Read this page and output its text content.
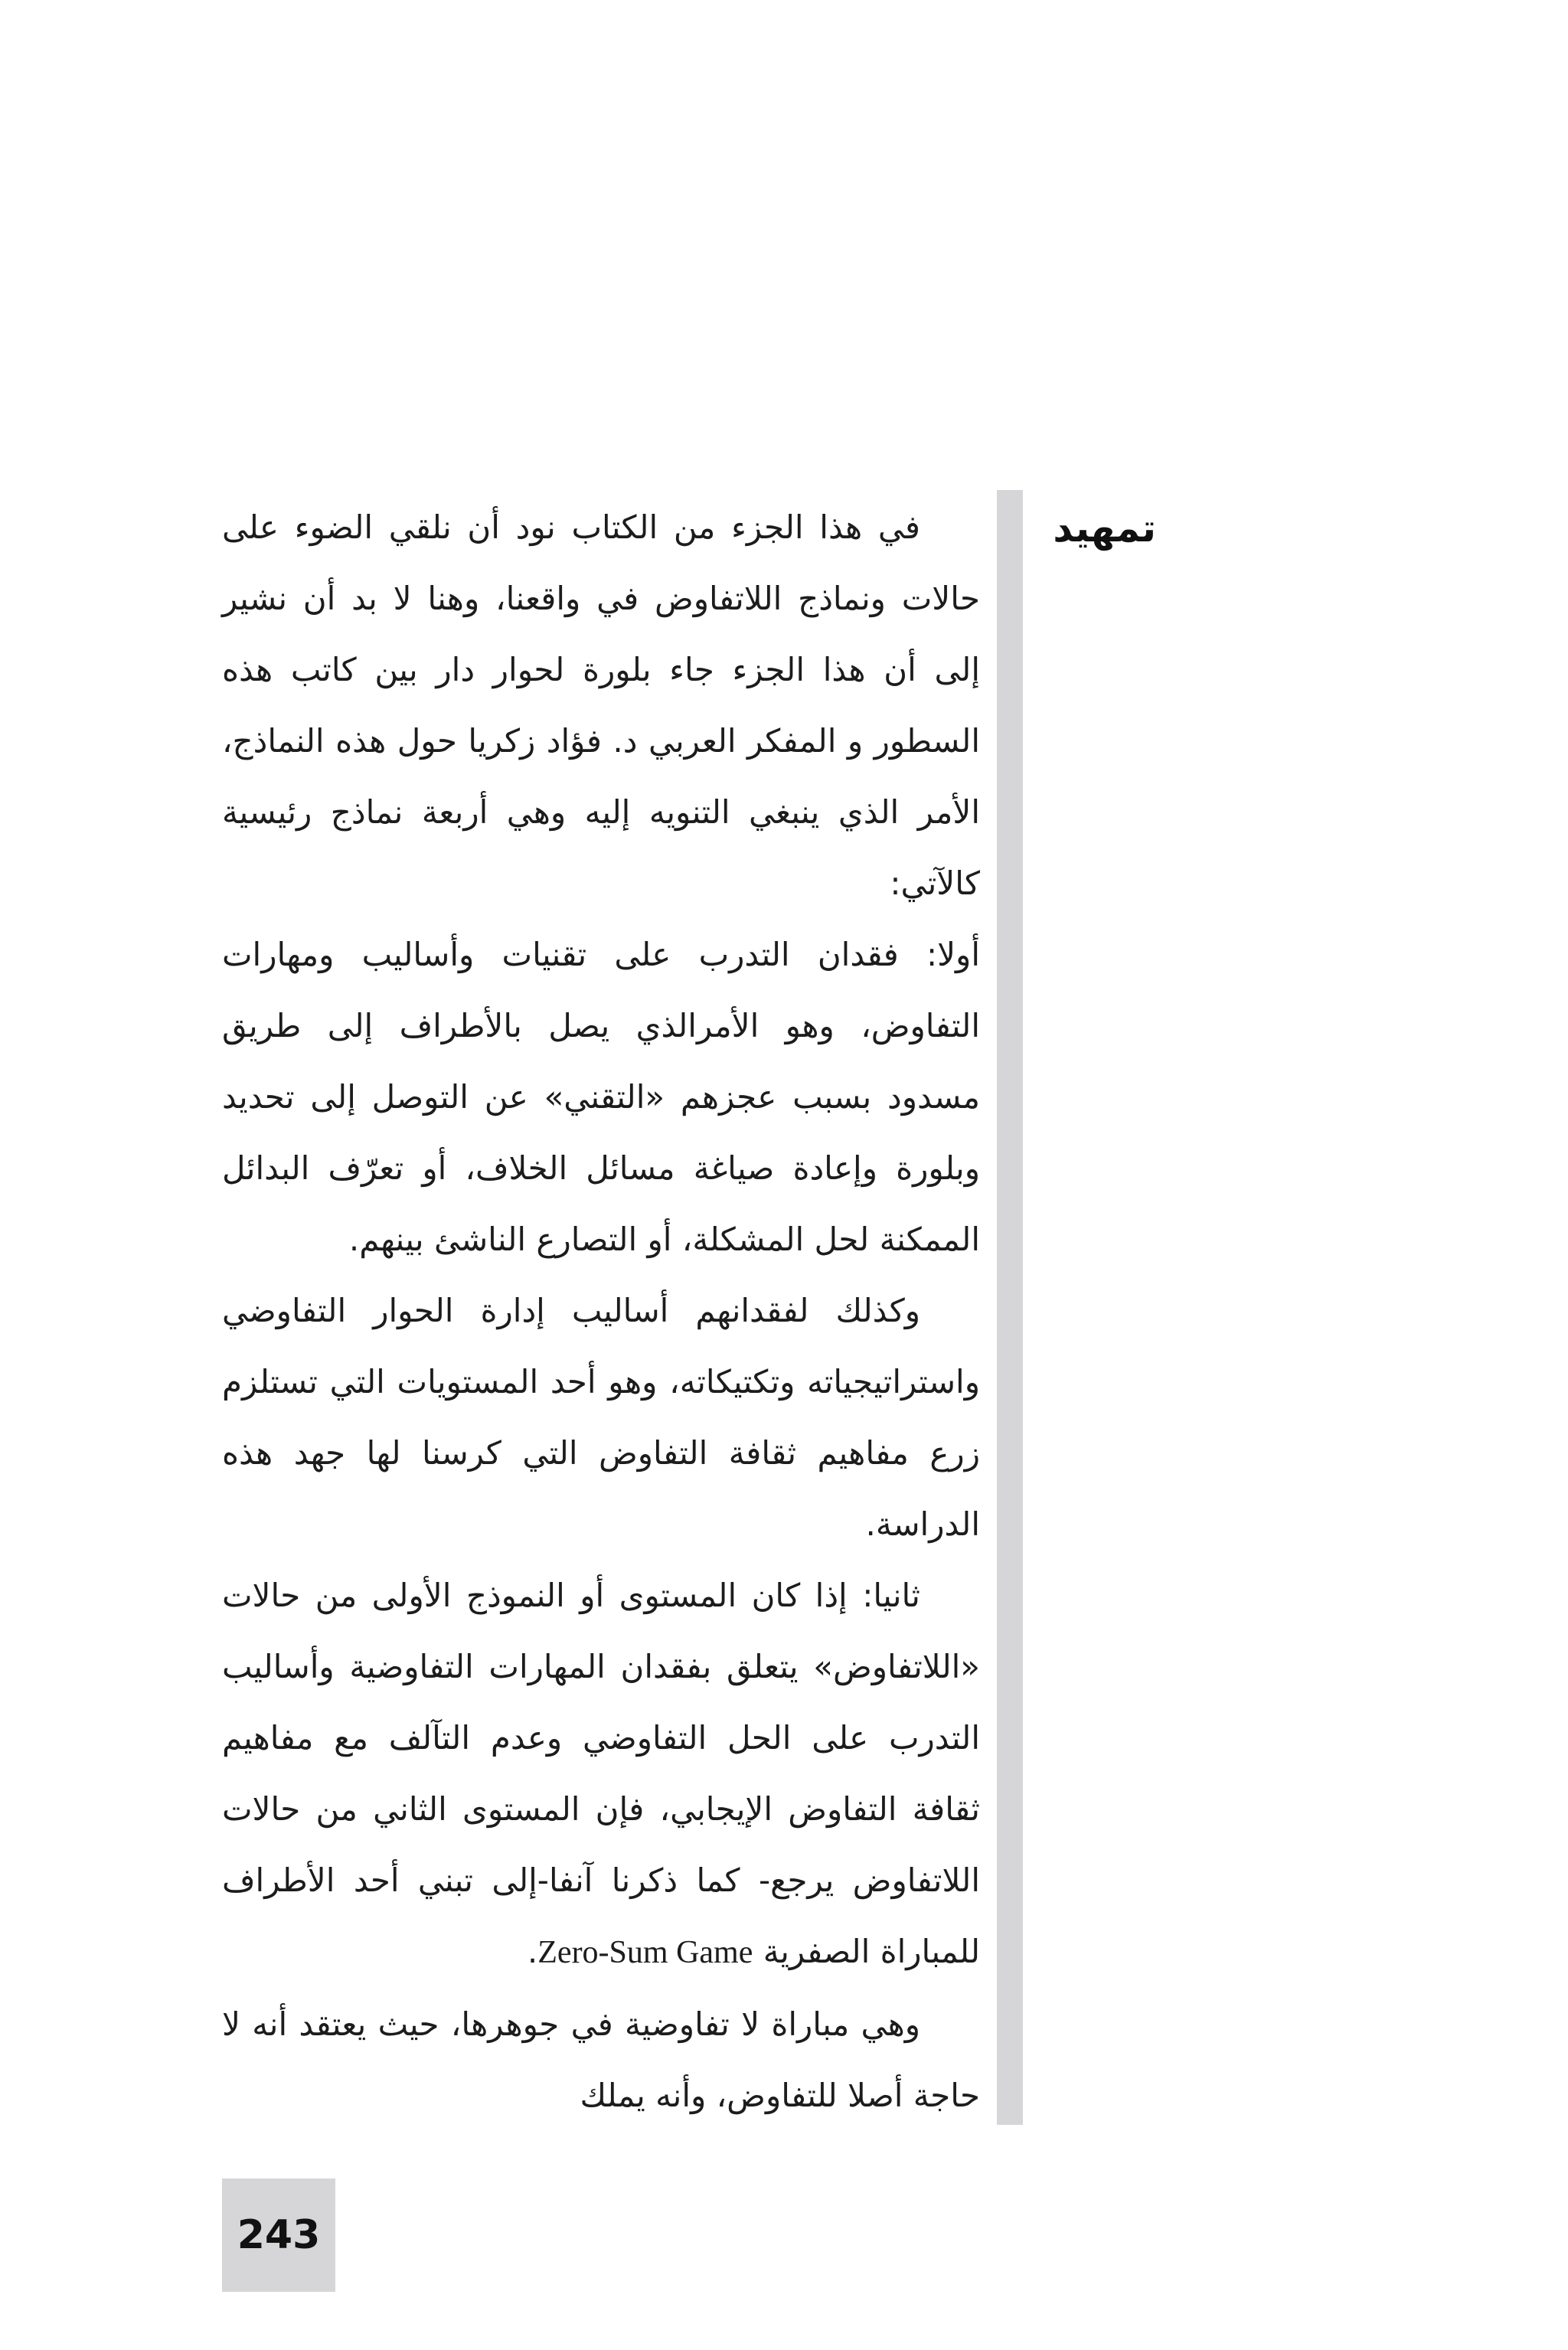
تمهيد

في هذا الجزء من الكتاب نود أن نلقي الضوء على حالات ونماذج اللاتفاوض في واقعنا، وهنا لا بد أن نشير إلى أن هذا الجزء جاء بلورة لحوار دار بين كاتب هذه السطور و المفكر العربي د. فؤاد زكريا حول هذه النماذج، الأمر الذي ينبغي التنويه إليه وهي أربعة نماذج رئيسية كالآتي:

أولا: فقدان التدرب على تقنيات وأساليب ومهارات التفاوض، وهو الأمرالذي يصل بالأطراف إلى طريق مسدود بسبب عجزهم «التقني» عن التوصل إلى تحديد وبلورة وإعادة صياغة مسائل الخلاف، أو تعرّف البدائل الممكنة لحل المشكلة، أو التصارع الناشئ بينهم.

وكذلك لفقدانهم أساليب إدارة الحوار التفاوضي واستراتيجياته وتكتيكاته، وهو أحد المستويات التي تستلزم زرع مفاهيم ثقافة التفاوض التي كرسنا لها جهد هذه الدراسة.

ثانيا: إذا كان المستوى أو النموذج الأولى من حالات «اللاتفاوض» يتعلق بفقدان المهارات التفاوضية وأساليب التدرب على الحل التفاوضي وعدم التآلف مع مفاهيم ثقافة التفاوض الإيجابي، فإن المستوى الثاني من حالات اللاتفاوض يرجع- كما ذكرنا آنفا-إلى تبني أحد الأطراف للمباراة الصفرية Zero-Sum Game.

وهي مباراة لا تفاوضية في جوهرها، حيث يعتقد أنه لا حاجة أصلا للتفاوض، وأنه يملك

243
